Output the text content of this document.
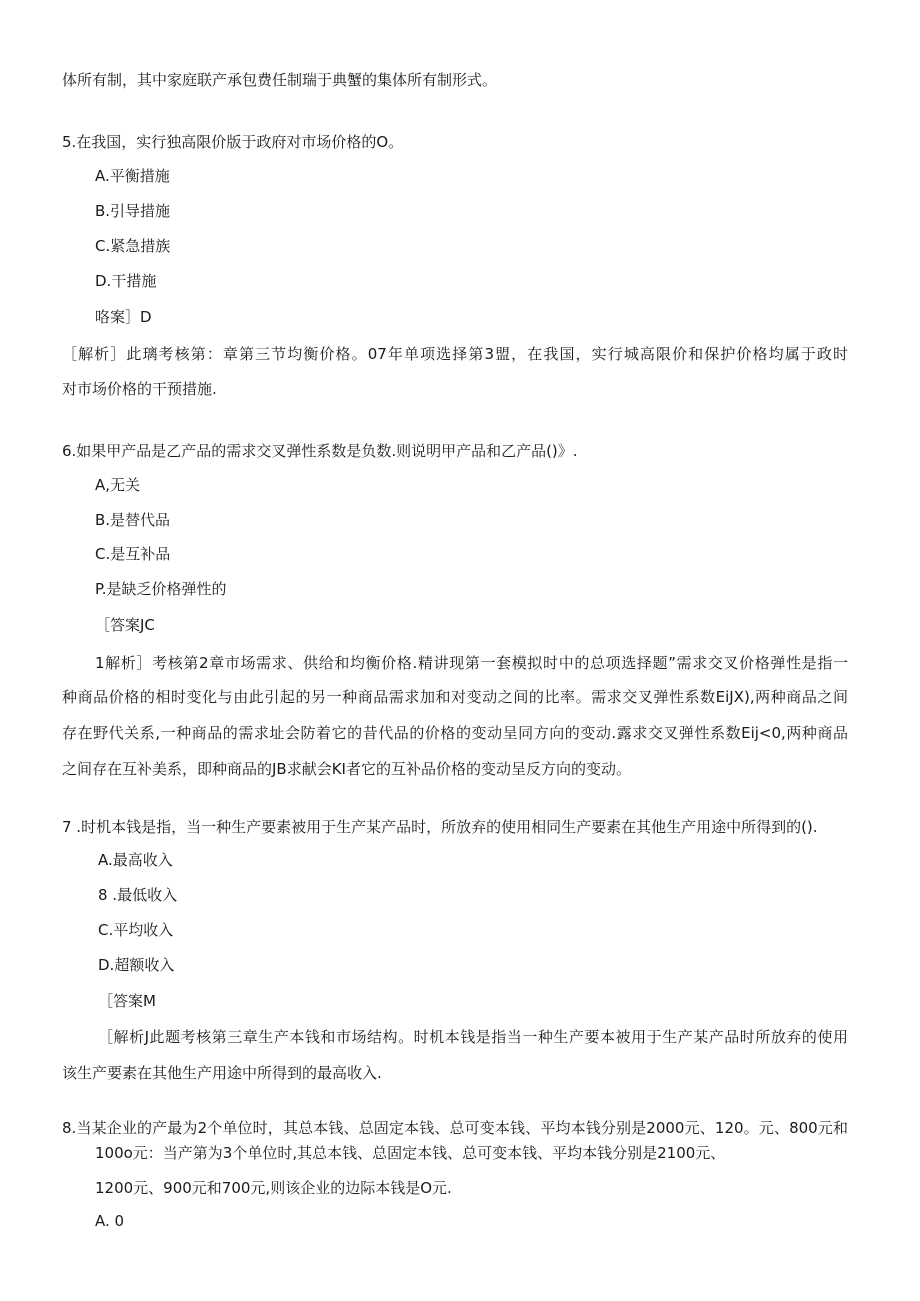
体所有制，其中家庭联产承包费任制瑞于典蟹的集体所有制形式。
5.在我国，实行独高限价版于政府对市场价格的O。
A.平衡措施
B.引导措施
C.紧急措族
D.干措施
咯案］D
［解析］此璃考核第：章第三节均衡价格。07年单项选择第3盟，在我国，实行城高限价和保护价格均属于政时
对市场价格的干预措施.
6.如果甲产品是乙产品的需求交叉弹性系数是负数.则说明甲产品和乙产品()》.
A,无关
B.是替代品
C.是互补品
P.是缺乏价格弹性的
［答案JC
1解析］考核第2章市场需求、供给和均衡价格.精讲现第一套模拟时中的总项选择题”需求交叉价格弹性是指一
种商品价格的相时变化与由此引起的另一种商品需求加和对变动之间的比率。需求交叉弹性系数EiJX),两种商品之间
存在野代关系,一种商品的需求址会防着它的昔代品的价格的变动呈同方向的变动.露求交叉弹性系数Eij<0,两种商品
之间存在互补美系，即种商品的JB求献会KI者它的互补品价格的变动呈反方向的变动。
7 .时机本钱是指，当一种生产要素被用于生产某产品时，所放弃的使用相同生产要素在其他生产用途中所得到的().
A.最高收入
8 .最低收入
C.平均收入
D.超额收入
［答案M
［解析J此题考核第三章生产本钱和市场结构。时机本钱是指当一种生产要本被用于生产某产品时所放弃的使用
该生产要素在其他生产用途中所得到的最高收入.
8.当某企业的产最为2个单位时，其总本钱、总固定本钱、总可变本钱、平均本钱分别是2000元、120。元、800元和
100o元：当产第为3个单位时,其总本钱、总固定本钱、总可变本钱、平均本钱分别是2100元、
1200元、900元和700元,则该企业的边际本钱是O元.
A. 0
